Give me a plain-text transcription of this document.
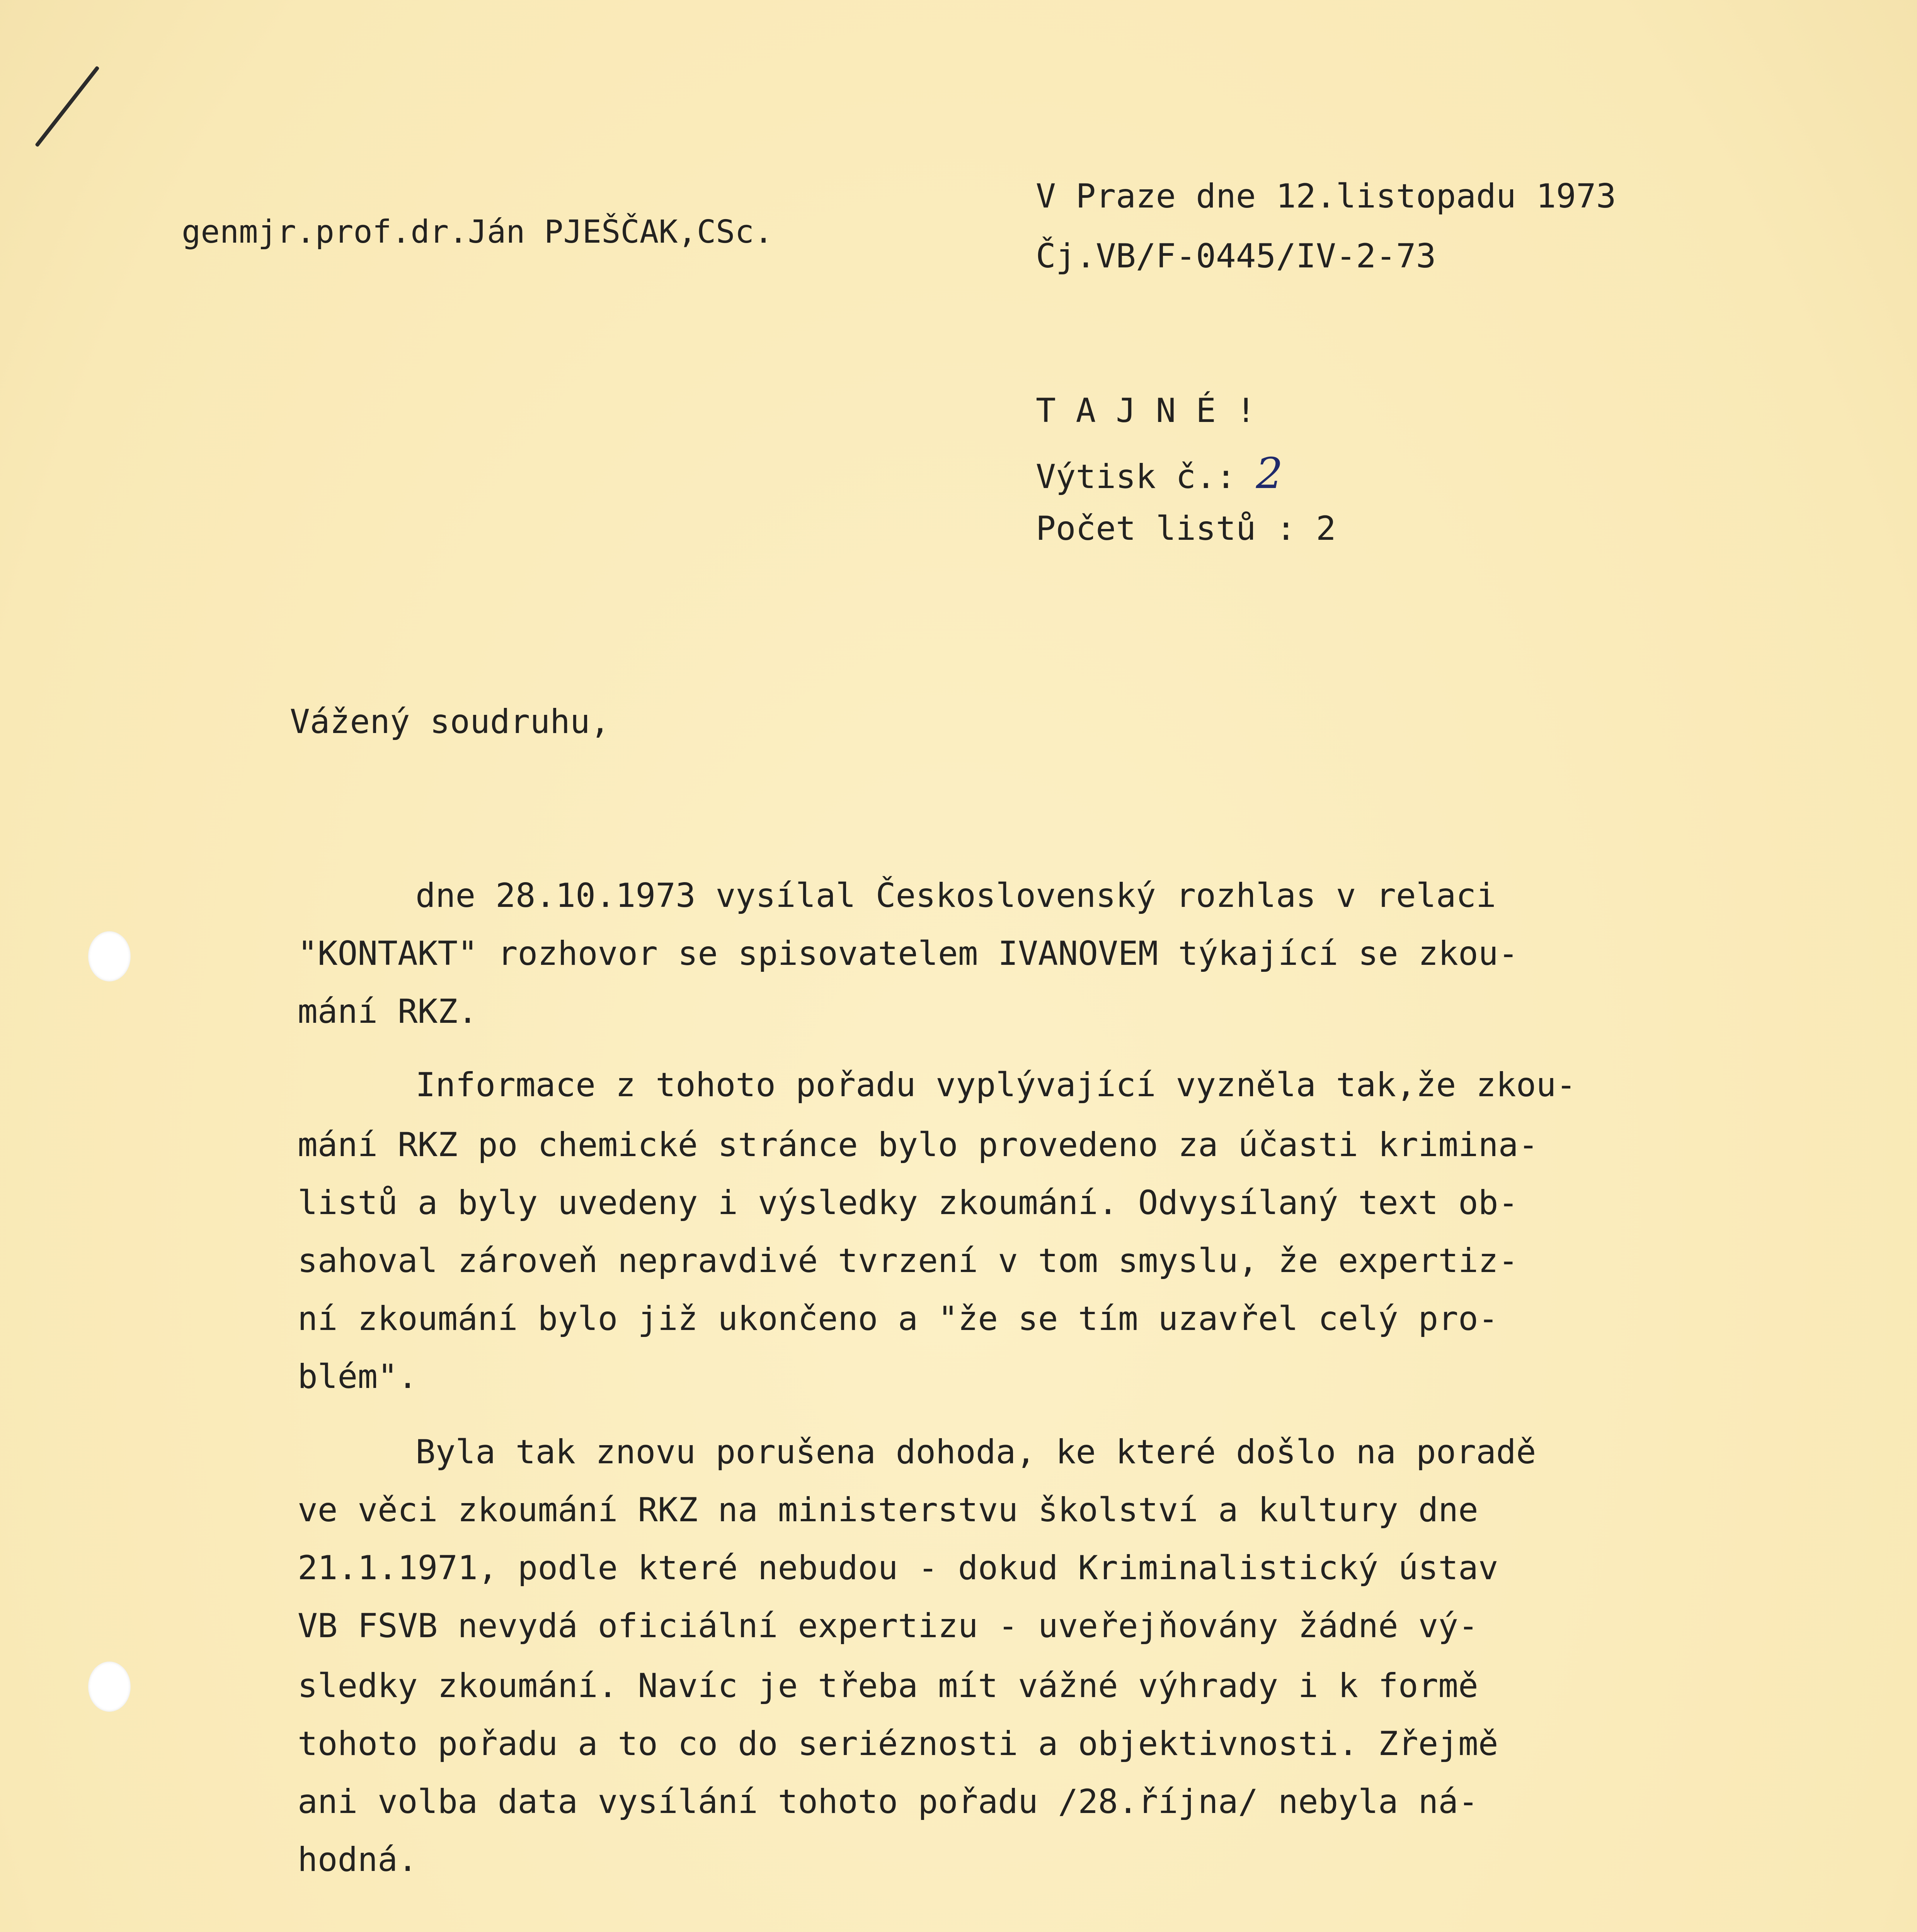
genmjr.prof.dr.Ján PJEŠČAK,CSc.
V Praze dne 12.listopadu 1973
Čj.VB/F-0445/IV-2-73
T A J N É !
Výtisk č.: 2
Počet listů : 2
Vážený soudruhu,
dne 28.10.1973 vysílal Československý rozhlas v relaci
"KONTAKT" rozhovor se spisovatelem IVANOVEM týkající se zkou-
mání RKZ.
Informace z tohoto pořadu vyplývající vyzněla tak,že zkou-
mání RKZ po chemické stránce bylo provedeno za účasti krimina-
listů a byly uvedeny i výsledky zkoumání. Odvysílaný text ob-
sahoval zároveň nepravdivé tvrzení v tom smyslu, že expertiz-
ní zkoumání bylo již ukončeno a "že se tím uzavřel celý pro-
blém".
Byla tak znovu porušena dohoda, ke které došlo na poradě
ve věci zkoumání RKZ na ministerstvu školství a kultury dne
21.1.1971, podle které nebudou - dokud Kriminalistický ústav
VB FSVB nevydá oficiální expertizu - uveřejňovány žádné vý-
sledky zkoumání. Navíc je třeba mít vážné výhrady i k formě
tohoto pořadu a to co do seriéznosti a objektivnosti. Zřejmě
ani volba data vysílání tohoto pořadu /28.října/ nebyla ná-
hodná.
